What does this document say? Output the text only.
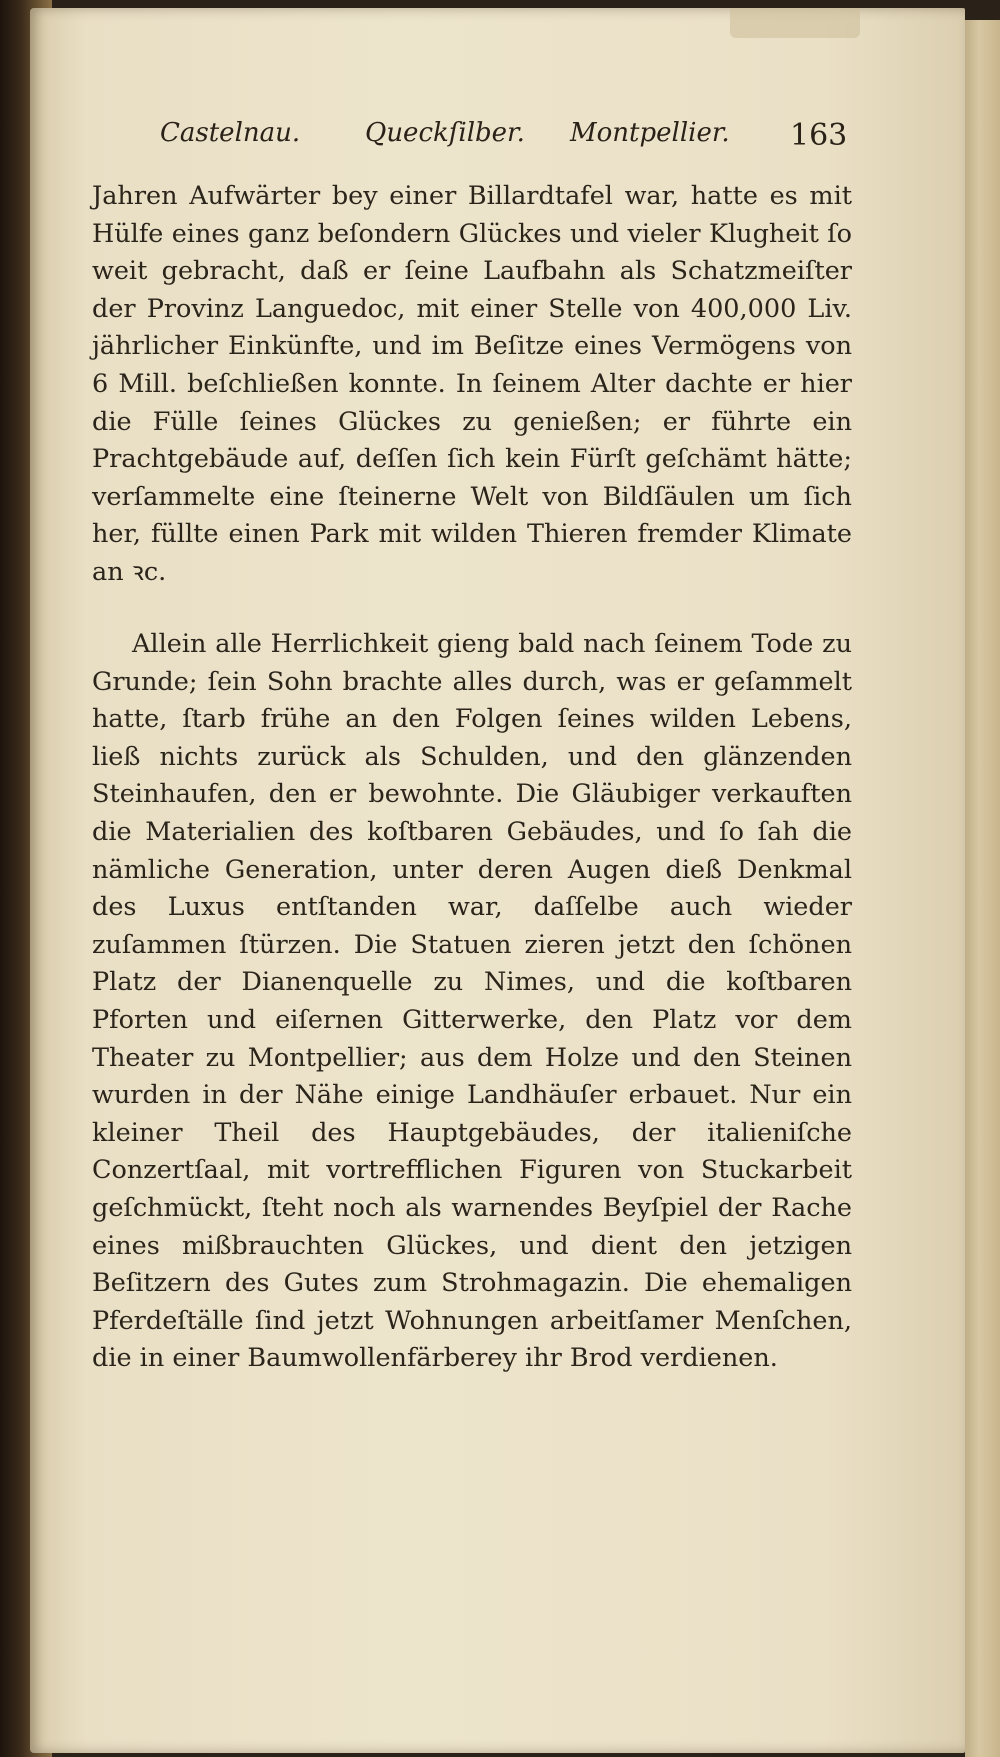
Castelnau. Queckſilber. Montpellier. 163

Jahren Aufwärter bey einer Billardtafel war, hatte es mit Hülfe eines ganz beſondern Glückes und vieler Klugheit ſo weit gebracht, daß er ſeine Laufbahn als Schatzmeiſter der Provinz Languedoc, mit einer Stelle von 400,000 Liv. jährlicher Einkünfte, und im Beſitze eines Vermögens von 6 Mill. beſchließen konnte. In ſeinem Alter dachte er hier die Fülle ſeines Glückes zu genießen; er führte ein Prachtgebäude auf, deſſen ſich kein Fürſt geſchämt hätte; verſammelte eine ſteinerne Welt von Bildſäulen um ſich her, füllte einen Park mit wilden Thieren fremder Klimate an ꝛc.

Allein alle Herrlichkeit gieng bald nach ſeinem Tode zu Grunde; ſein Sohn brachte alles durch, was er geſammelt hatte, ſtarb frühe an den Folgen ſeines wilden Lebens, ließ nichts zurück als Schulden, und den glänzenden Steinhaufen, den er bewohnte. Die Gläubiger verkauften die Materialien des koſtbaren Gebäudes, und ſo ſah die nämliche Generation, unter deren Augen dieß Denkmal des Luxus entſtanden war, daſſelbe auch wieder zuſammen ſtürzen. Die Statuen zieren jetzt den ſchönen Platz der Dianenquelle zu Nimes, und die koſtbaren Pforten und eiſernen Gitterwerke, den Platz vor dem Theater zu Montpellier; aus dem Holze und den Steinen wurden in der Nähe einige Landhäuſer erbauet. Nur ein kleiner Theil des Hauptgebäudes, der italieniſche Conzertſaal, mit vortrefflichen Figuren von Stuckarbeit geſchmückt, ſteht noch als warnendes Beyſpiel der Rache eines mißbrauchten Glückes, und dient den jetzigen Beſitzern des Gutes zum Strohmagazin. Die ehemaligen Pferdeſtälle ſind jetzt Wohnungen arbeitſamer Menſchen, die in einer Baumwollenfärberey ihr Brod verdienen.
